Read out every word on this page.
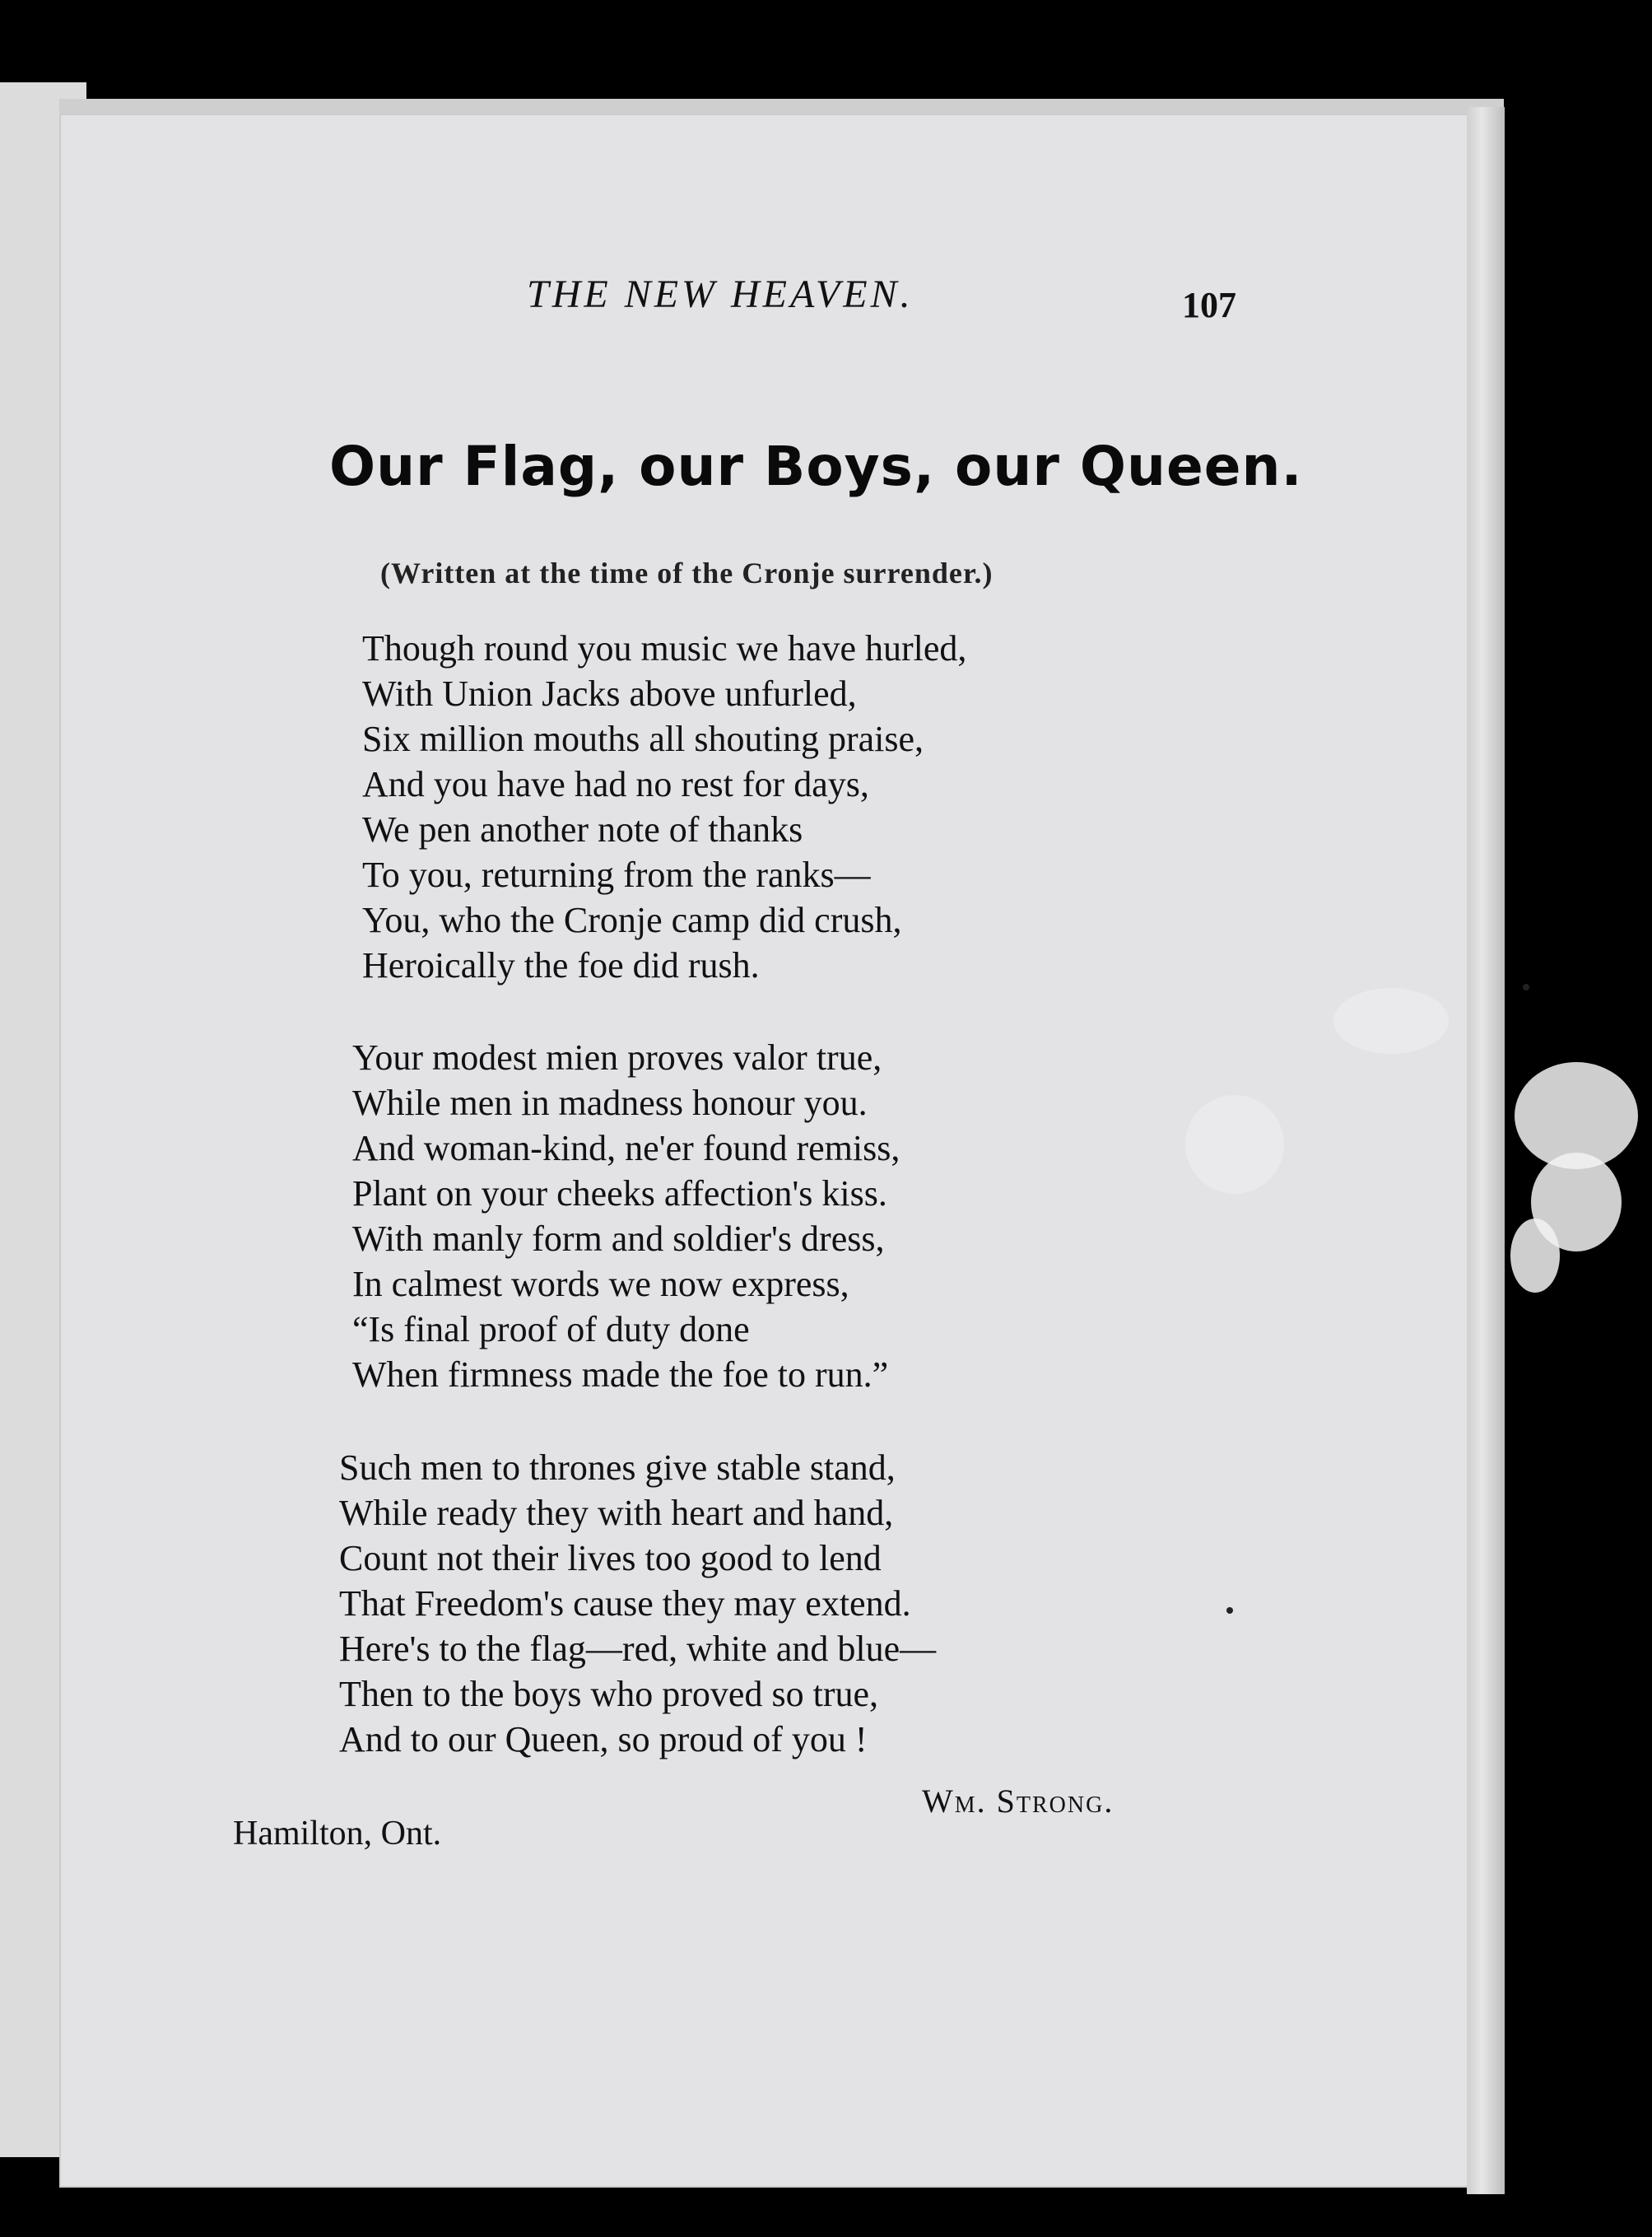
THE NEW HEAVEN.	107
Our Flag, our Boys, our Queen.
(Written at the time of the Cronje surrender.)
Though round you music we have hurled,
With Union Jacks above unfurled,
Six million mouths all shouting praise,
And you have had no rest for days,
We pen another note of thanks
To you, returning from the ranks—
You, who the Cronje camp did crush,
Heroically the foe did rush.
Your modest mien proves valor true,
While men in madness honour you.
And woman-kind, ne'er found remiss,
Plant on your cheeks affection's kiss.
With manly form and soldier's dress,
In calmest words we now express,
“Is final proof of duty done
When firmness made the foe to run.”
Such men to thrones give stable stand,
While ready they with heart and hand,
Count not their lives too good to lend
That Freedom's cause they may extend.
Here's to the flag—red, white and blue—
Then to the boys who proved so true,
And to our Queen, so proud of you !
Wm. Strong.
Hamilton, Ont.
